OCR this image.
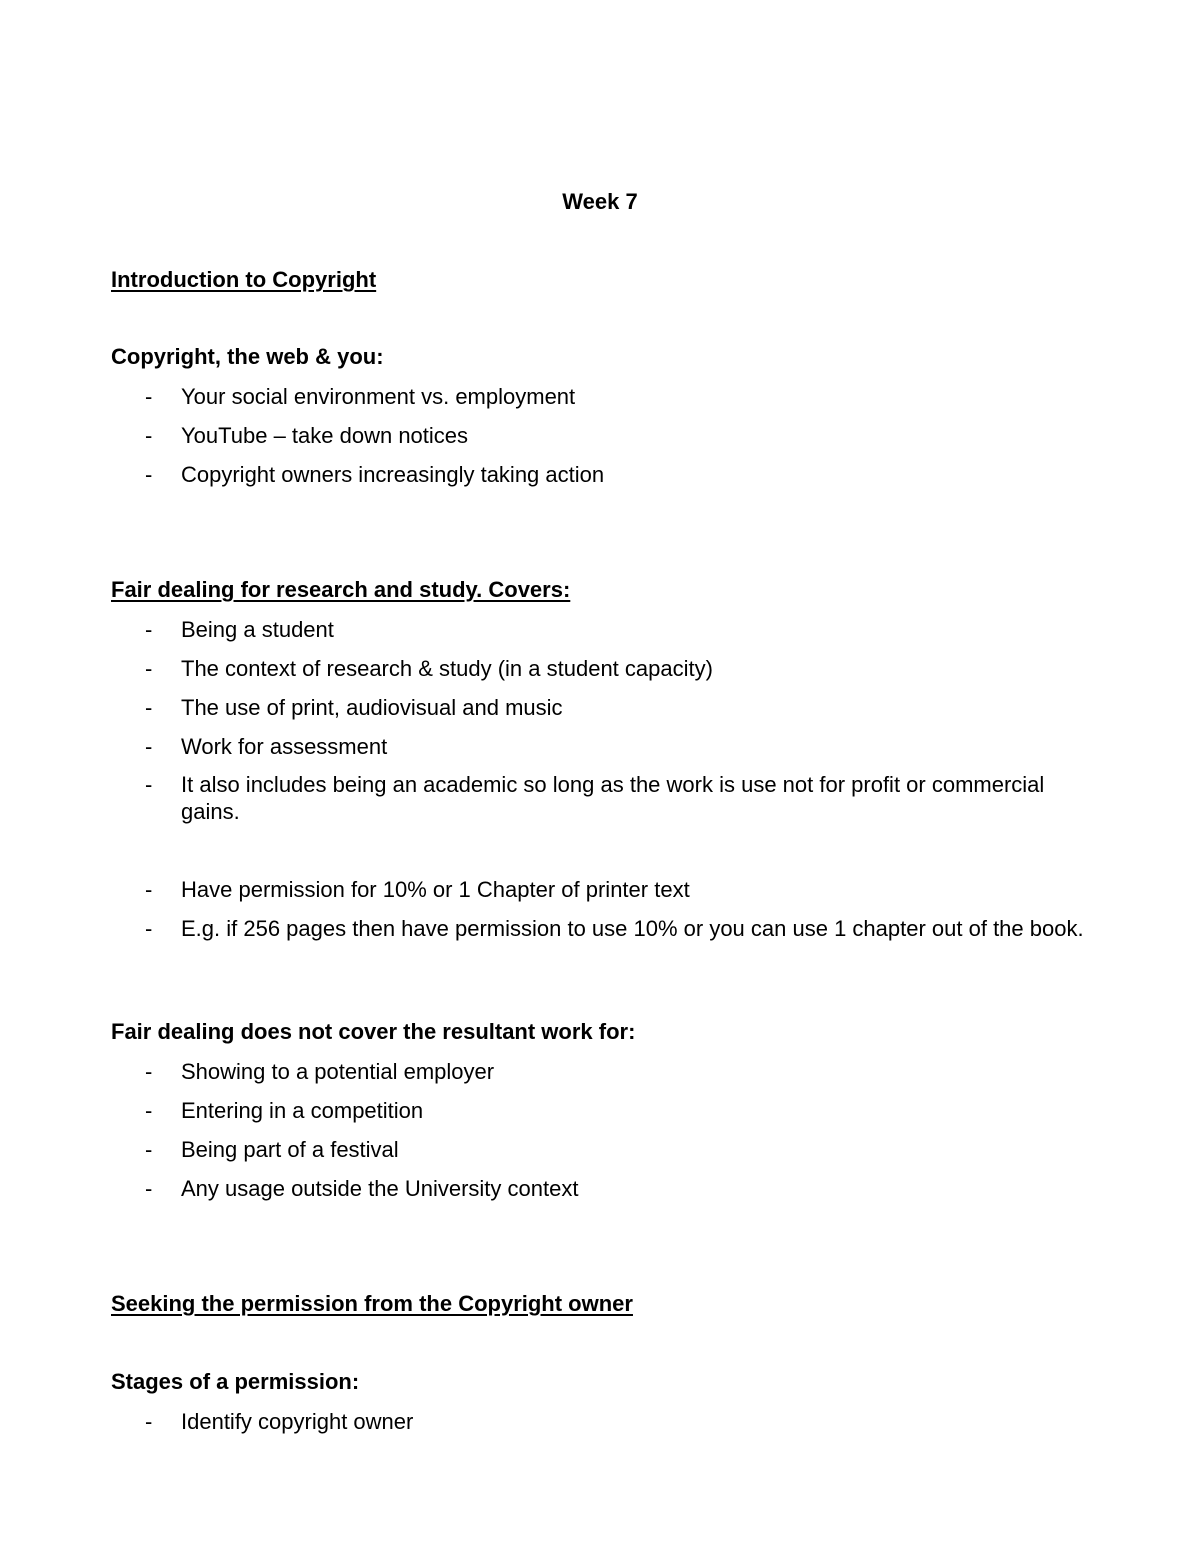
Week 7
Introduction to Copyright
Copyright, the web & you:
-	Your social environment vs. employment
-	YouTube – take down notices
-	Copyright owners increasingly taking action
Fair dealing for research and study. Covers:
-	Being a student
-	The context of research & study (in a student capacity)
-	The use of print, audiovisual and music
-	Work for assessment
-	It also includes being an academic so long as the work is use not for profit or commercial gains.
-	Have permission for 10% or 1 Chapter of printer text
-	E.g. if 256 pages then have permission to use 10% or you can use 1 chapter out of the book.
Fair dealing does not cover the resultant work for:
-	Showing to a potential employer
-	Entering in a competition
-	Being part of a festival
-	Any usage outside the University context
Seeking the permission from the Copyright owner
Stages of a permission:
-	Identify copyright owner
